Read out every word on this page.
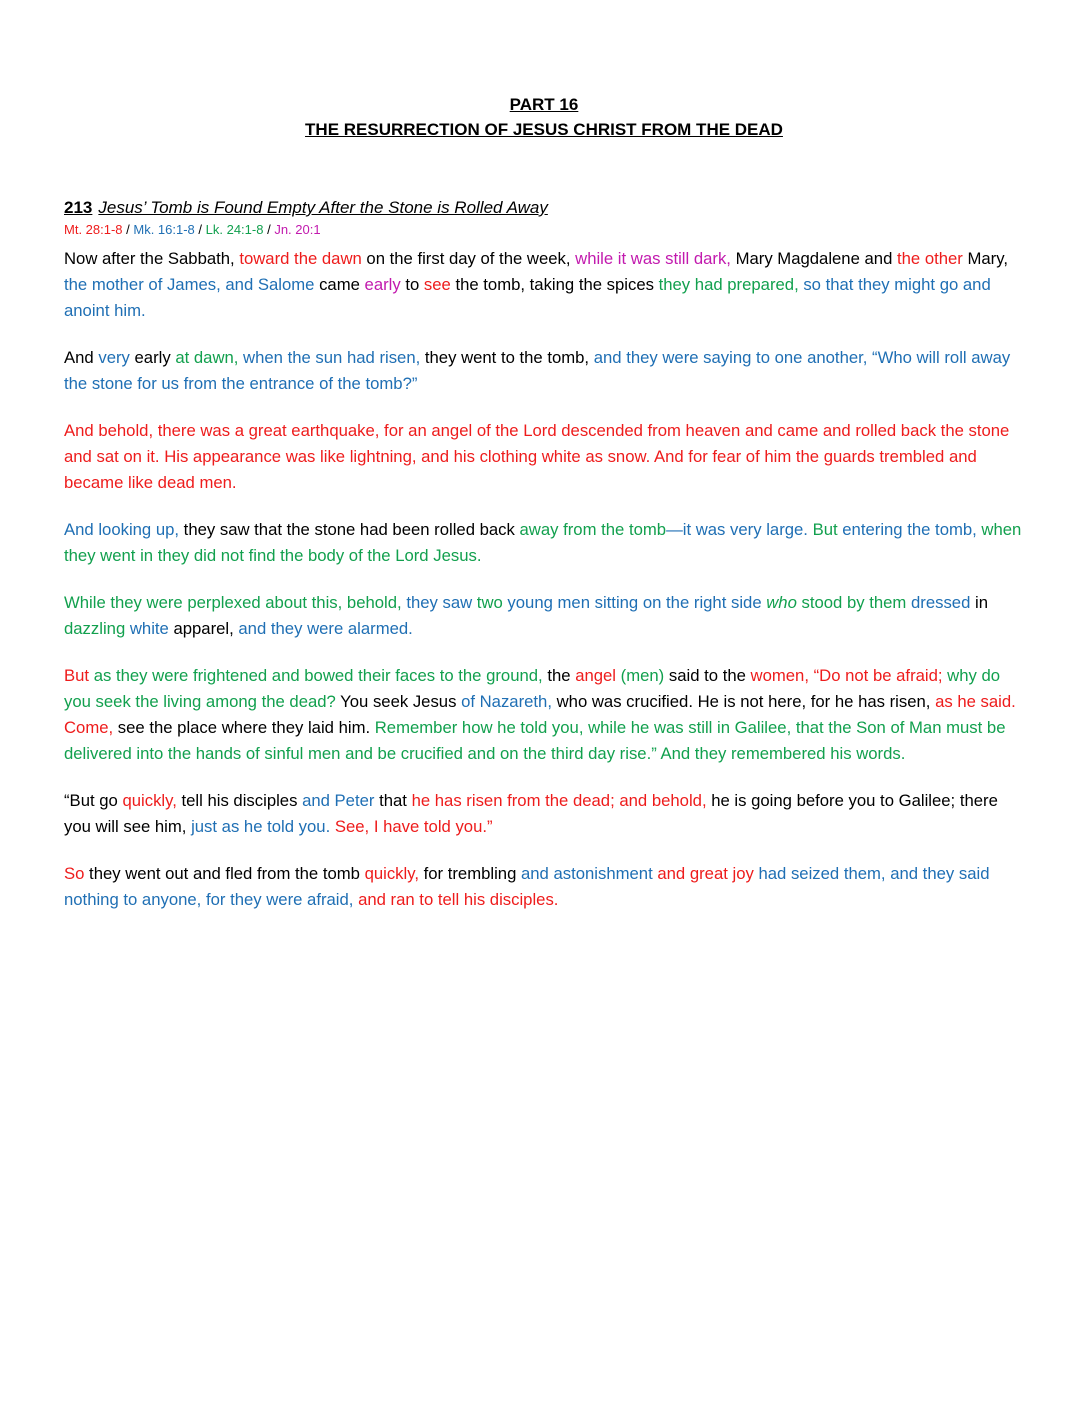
PART 16
THE RESURRECTION OF JESUS CHRIST FROM THE DEAD
213 Jesus’ Tomb is Found Empty After the Stone is Rolled Away
Mt. 28:1-8 / Mk. 16:1-8 / Lk. 24:1-8 / Jn. 20:1

Now after the Sabbath, toward the dawn on the first day of the week, while it was still dark, Mary Magdalene and the other Mary, the mother of James, and Salome came early to see the tomb, taking the spices they had prepared, so that they might go and anoint him.

And very early at dawn, when the sun had risen, they went to the tomb, and they were saying to one another, “Who will roll away the stone for us from the entrance of the tomb?”

And behold, there was a great earthquake, for an angel of the Lord descended from heaven and came and rolled back the stone and sat on it. His appearance was like lightning, and his clothing white as snow. And for fear of him the guards trembled and became like dead men.

And looking up, they saw that the stone had been rolled back away from the tomb—it was very large. But entering the tomb, when they went in they did not find the body of the Lord Jesus.

While they were perplexed about this, behold, they saw two young men sitting on the right side who stood by them dressed in dazzling white apparel, and they were alarmed.

But as they were frightened and bowed their faces to the ground, the angel (men) said to the women, “Do not be afraid; why do you seek the living among the dead? You seek Jesus of Nazareth, who was crucified. He is not here, for he has risen, as he said. Come, see the place where they laid him. Remember how he told you, while he was still in Galilee, that the Son of Man must be delivered into the hands of sinful men and be crucified and on the third day rise.” And they remembered his words.

“But go quickly, tell his disciples and Peter that he has risen from the dead; and behold, he is going before you to Galilee; there you will see him, just as he told you. See, I have told you.”

So they went out and fled from the tomb quickly, for trembling and astonishment and great joy had seized them, and they said nothing to anyone, for they were afraid, and ran to tell his disciples.
